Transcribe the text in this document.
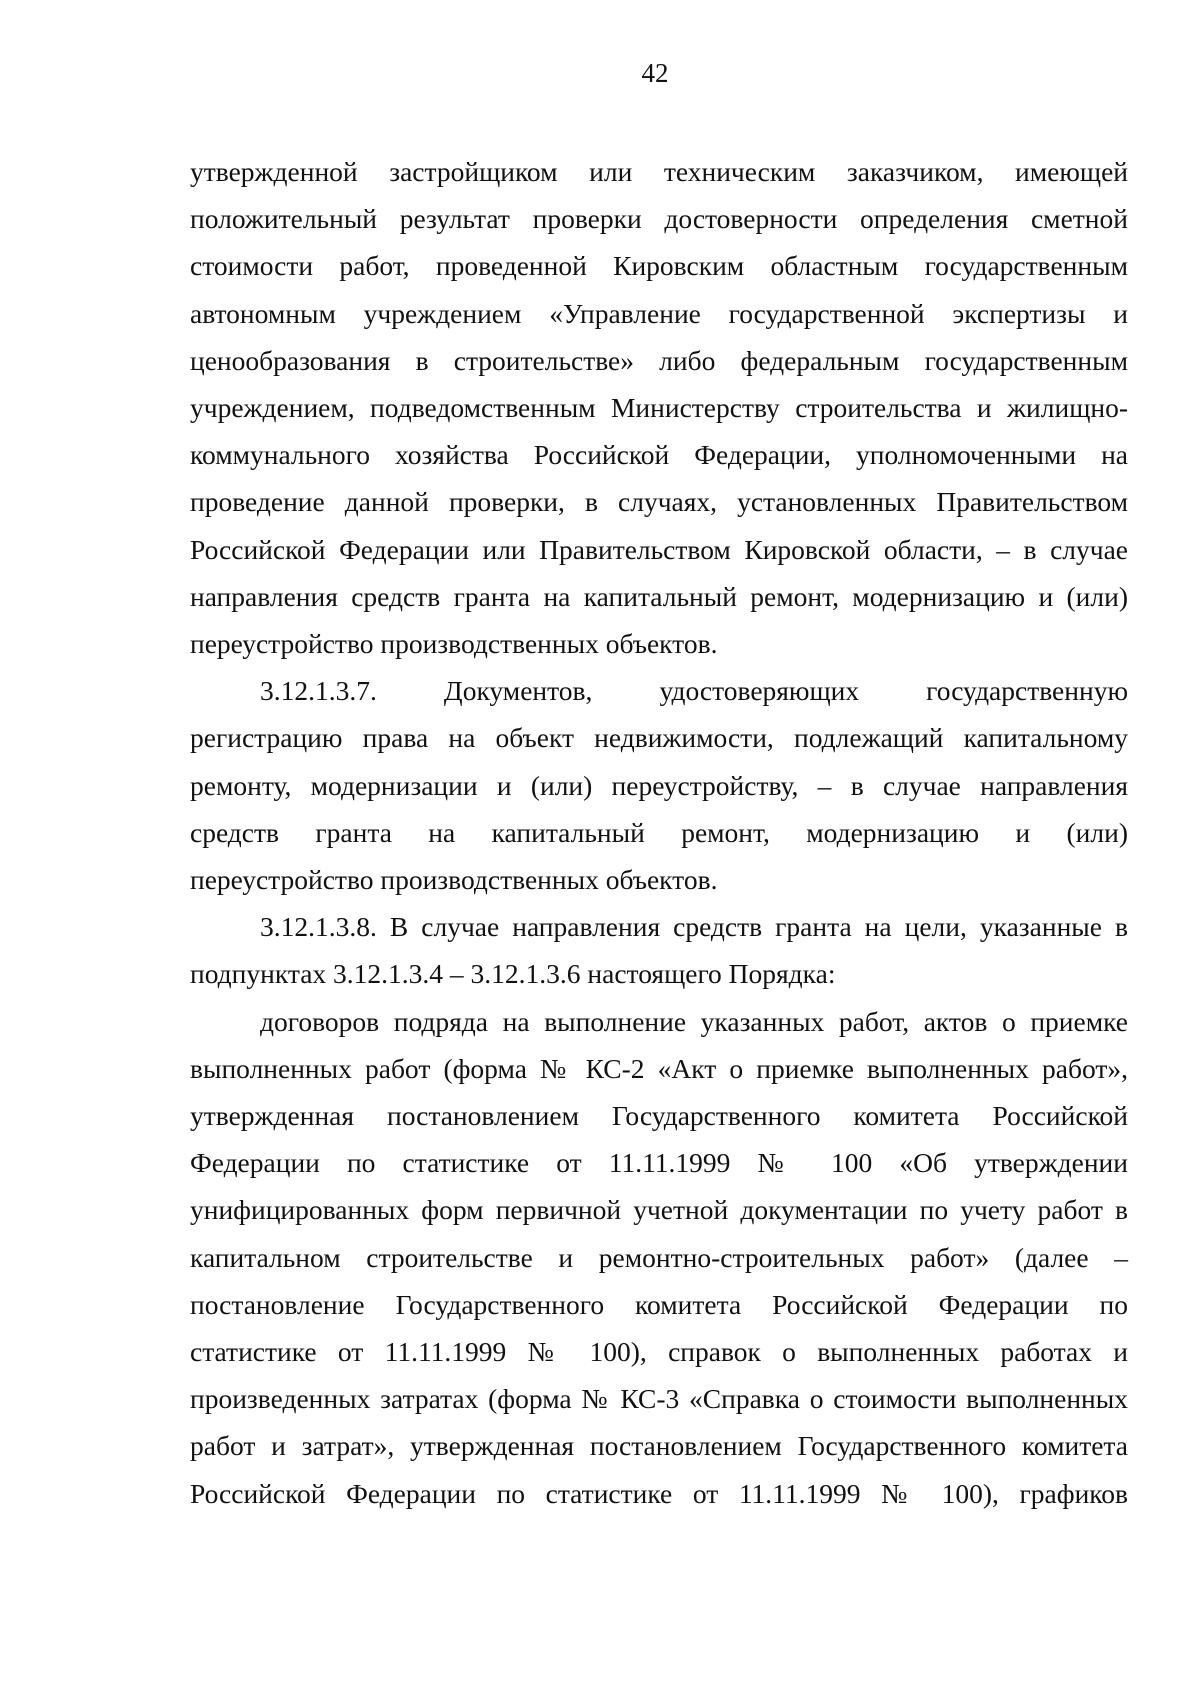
42

утвержденной застройщиком или техническим заказчиком, имеющей
положительный результат проверки достоверности определения сметной
стоимости работ, проведенной Кировским областным государственным
автономным учреждением «Управление государственной экспертизы и
ценообразования в строительстве» либо федеральным государственным
учреждением, подведомственным Министерству строительства и жилищно-
коммунального хозяйства Российской Федерации, уполномоченными на
проведение данной проверки, в случаях, установленных Правительством
Российской Федерации или Правительством Кировской области, – в случае
направления средств гранта на капитальный ремонт, модернизацию и (или)
переустройство производственных объектов.

3.12.1.3.7. Документов, удостоверяющих государственную
регистрацию права на объект недвижимости, подлежащий капитальному
ремонту, модернизации и (или) переустройству, – в случае направления
средств гранта на капитальный ремонт, модернизацию и (или)
переустройство производственных объектов.

3.12.1.3.8. В случае направления средств гранта на цели, указанные в
подпунктах 3.12.1.3.4 – 3.12.1.3.6 настоящего Порядка:

договоров подряда на выполнение указанных работ, актов о приемке
выполненных работ (форма № КС-2 «Акт о приемке выполненных работ»,
утвержденная постановлением Государственного комитета Российской
Федерации по статистике от 11.11.1999 № 100 «Об утверждении
унифицированных форм первичной учетной документации по учету работ в
капитальном строительстве и ремонтно-строительных работ» (далее –
постановление Государственного комитета Российской Федерации по
статистике от 11.11.1999 № 100), справок о выполненных работах и
произведенных затратах (форма № КС-3 «Справка о стоимости выполненных
работ и затрат», утвержденная постановлением Государственного комитета
Российской Федерации по статистике от 11.11.1999 № 100), графиков
